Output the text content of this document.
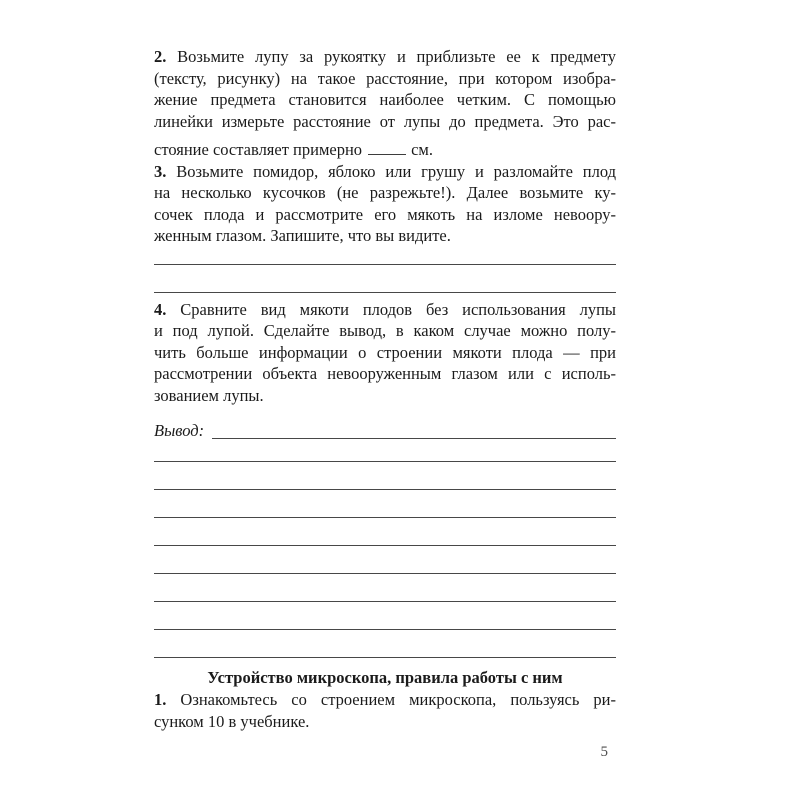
2. Возьмите лупу за рукоятку и приблизьте ее к предмету
(тексту, рисунку) на такое расстояние, при котором изобра-
жение предмета становится наиболее четким. С помощью
линейки измерьте расстояние от лупы до предмета. Это рас-
стояние составляет примерно	см.
3. Возьмите помидор, яблоко или грушу и разломайте плод
на несколько кусочков (не разрежьте!). Далее возьмите ку-
сочек плода и рассмотрите его мякоть на изломе невоору-
женным глазом. Запишите, что вы видите.
4. Сравните вид мякоти плодов без использования лупы
и под лупой. Сделайте вывод, в каком случае можно полу-
чить больше информации о строении мякоти плода — при
рассмотрении объекта невооруженным глазом или с исполь-
зованием лупы.
Вывод:
Устройство микроскопа, правила работы с ним
1. Ознакомьтесь со строением микроскопа, пользуясь ри-
сунком 10 в учебнике.
5
